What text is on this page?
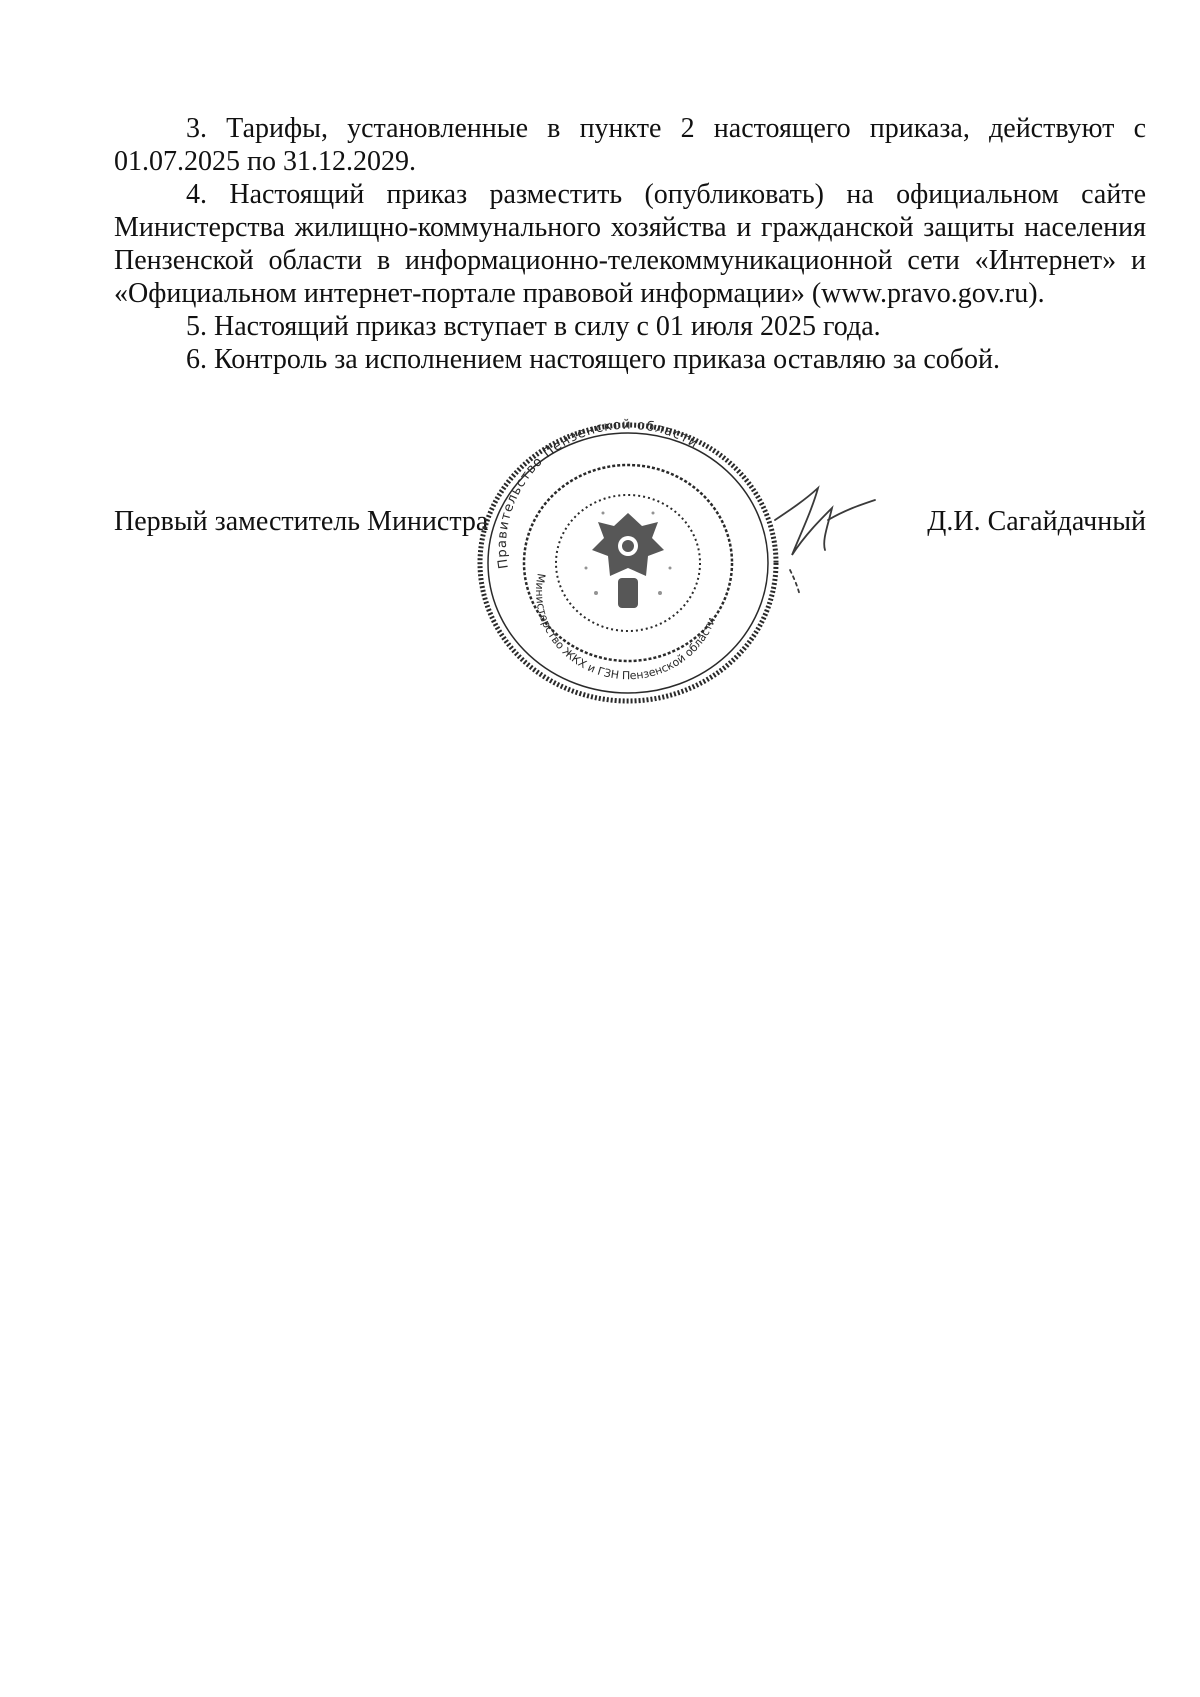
3. Тарифы, установленные в пункте 2 настоящего приказа, действуют с 01.07.2025 по 31.12.2029.

4. Настоящий приказ разместить (опубликовать) на официальном сайте Министерства жилищно-коммунального хозяйства и гражданской защиты населения Пензенской области в информационно-телекоммуникационной сети «Интернет» и «Официальном интернет-портале правовой информации» (www.pravo.gov.ru).

5. Настоящий приказ вступает в силу с 01 июля 2025 года.

6. Контроль за исполнением настоящего приказа оставляю за собой.

Первый заместитель Министра	Д.И. Сагайдачный
Правительство Пензенской области
Министерство ЖКХ и ГЗН Пензенской области
